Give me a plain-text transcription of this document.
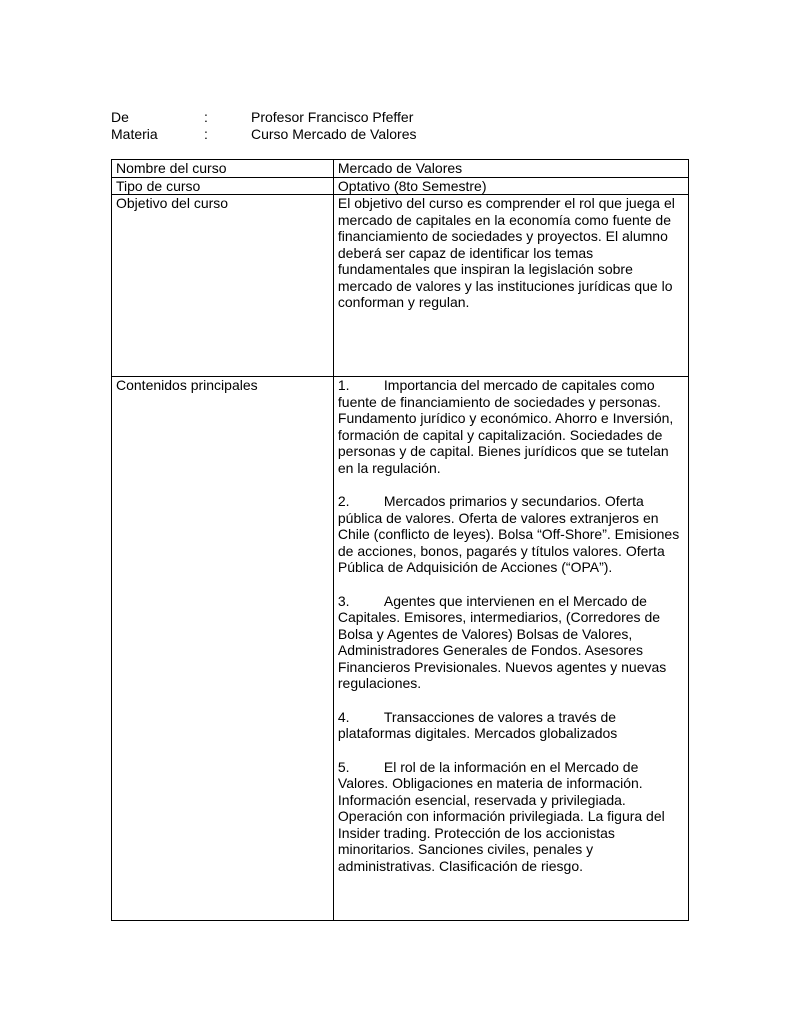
De	:	Profesor Francisco Pfeffer
Materia	:	Curso Mercado de Valores
Nombre del curso	Mercado de Valores
Tipo de curso	Optativo (8to Semestre)
Objetivo del curso	El objetivo del curso es comprender el rol que juega el mercado de capitales en la economía como fuente de financiamiento de sociedades y proyectos. El alumno deberá ser capaz de identificar los temas fundamentales que inspiran la legislación sobre mercado de valores y las instituciones jurídicas que lo conforman y regulan.
Contenidos principales	1. Importancia del mercado de capitales como fuente de financiamiento de sociedades y personas. Fundamento jurídico y económico. Ahorro e Inversión, formación de capital y capitalización. Sociedades de personas y de capital. Bienes jurídicos que se tutelan en la regulación.
2. Mercados primarios y secundarios. Oferta pública de valores. Oferta de valores extranjeros en Chile (conflicto de leyes). Bolsa “Off-Shore”. Emisiones de acciones, bonos, pagarés y títulos valores. Oferta Pública de Adquisición de Acciones (“OPA”).
3. Agentes que intervienen en el Mercado de Capitales. Emisores, intermediarios, (Corredores de Bolsa y Agentes de Valores) Bolsas de Valores, Administradores Generales de Fondos. Asesores Financieros Previsionales. Nuevos agentes y nuevas regulaciones.
4. Transacciones de valores a través de plataformas digitales. Mercados globalizados
5. El rol de la información en el Mercado de Valores. Obligaciones en materia de información. Información esencial, reservada y privilegiada. Operación con información privilegiada. La figura del Insider trading. Protección de los accionistas minoritarios. Sanciones civiles, penales y administrativas. Clasificación de riesgo.
